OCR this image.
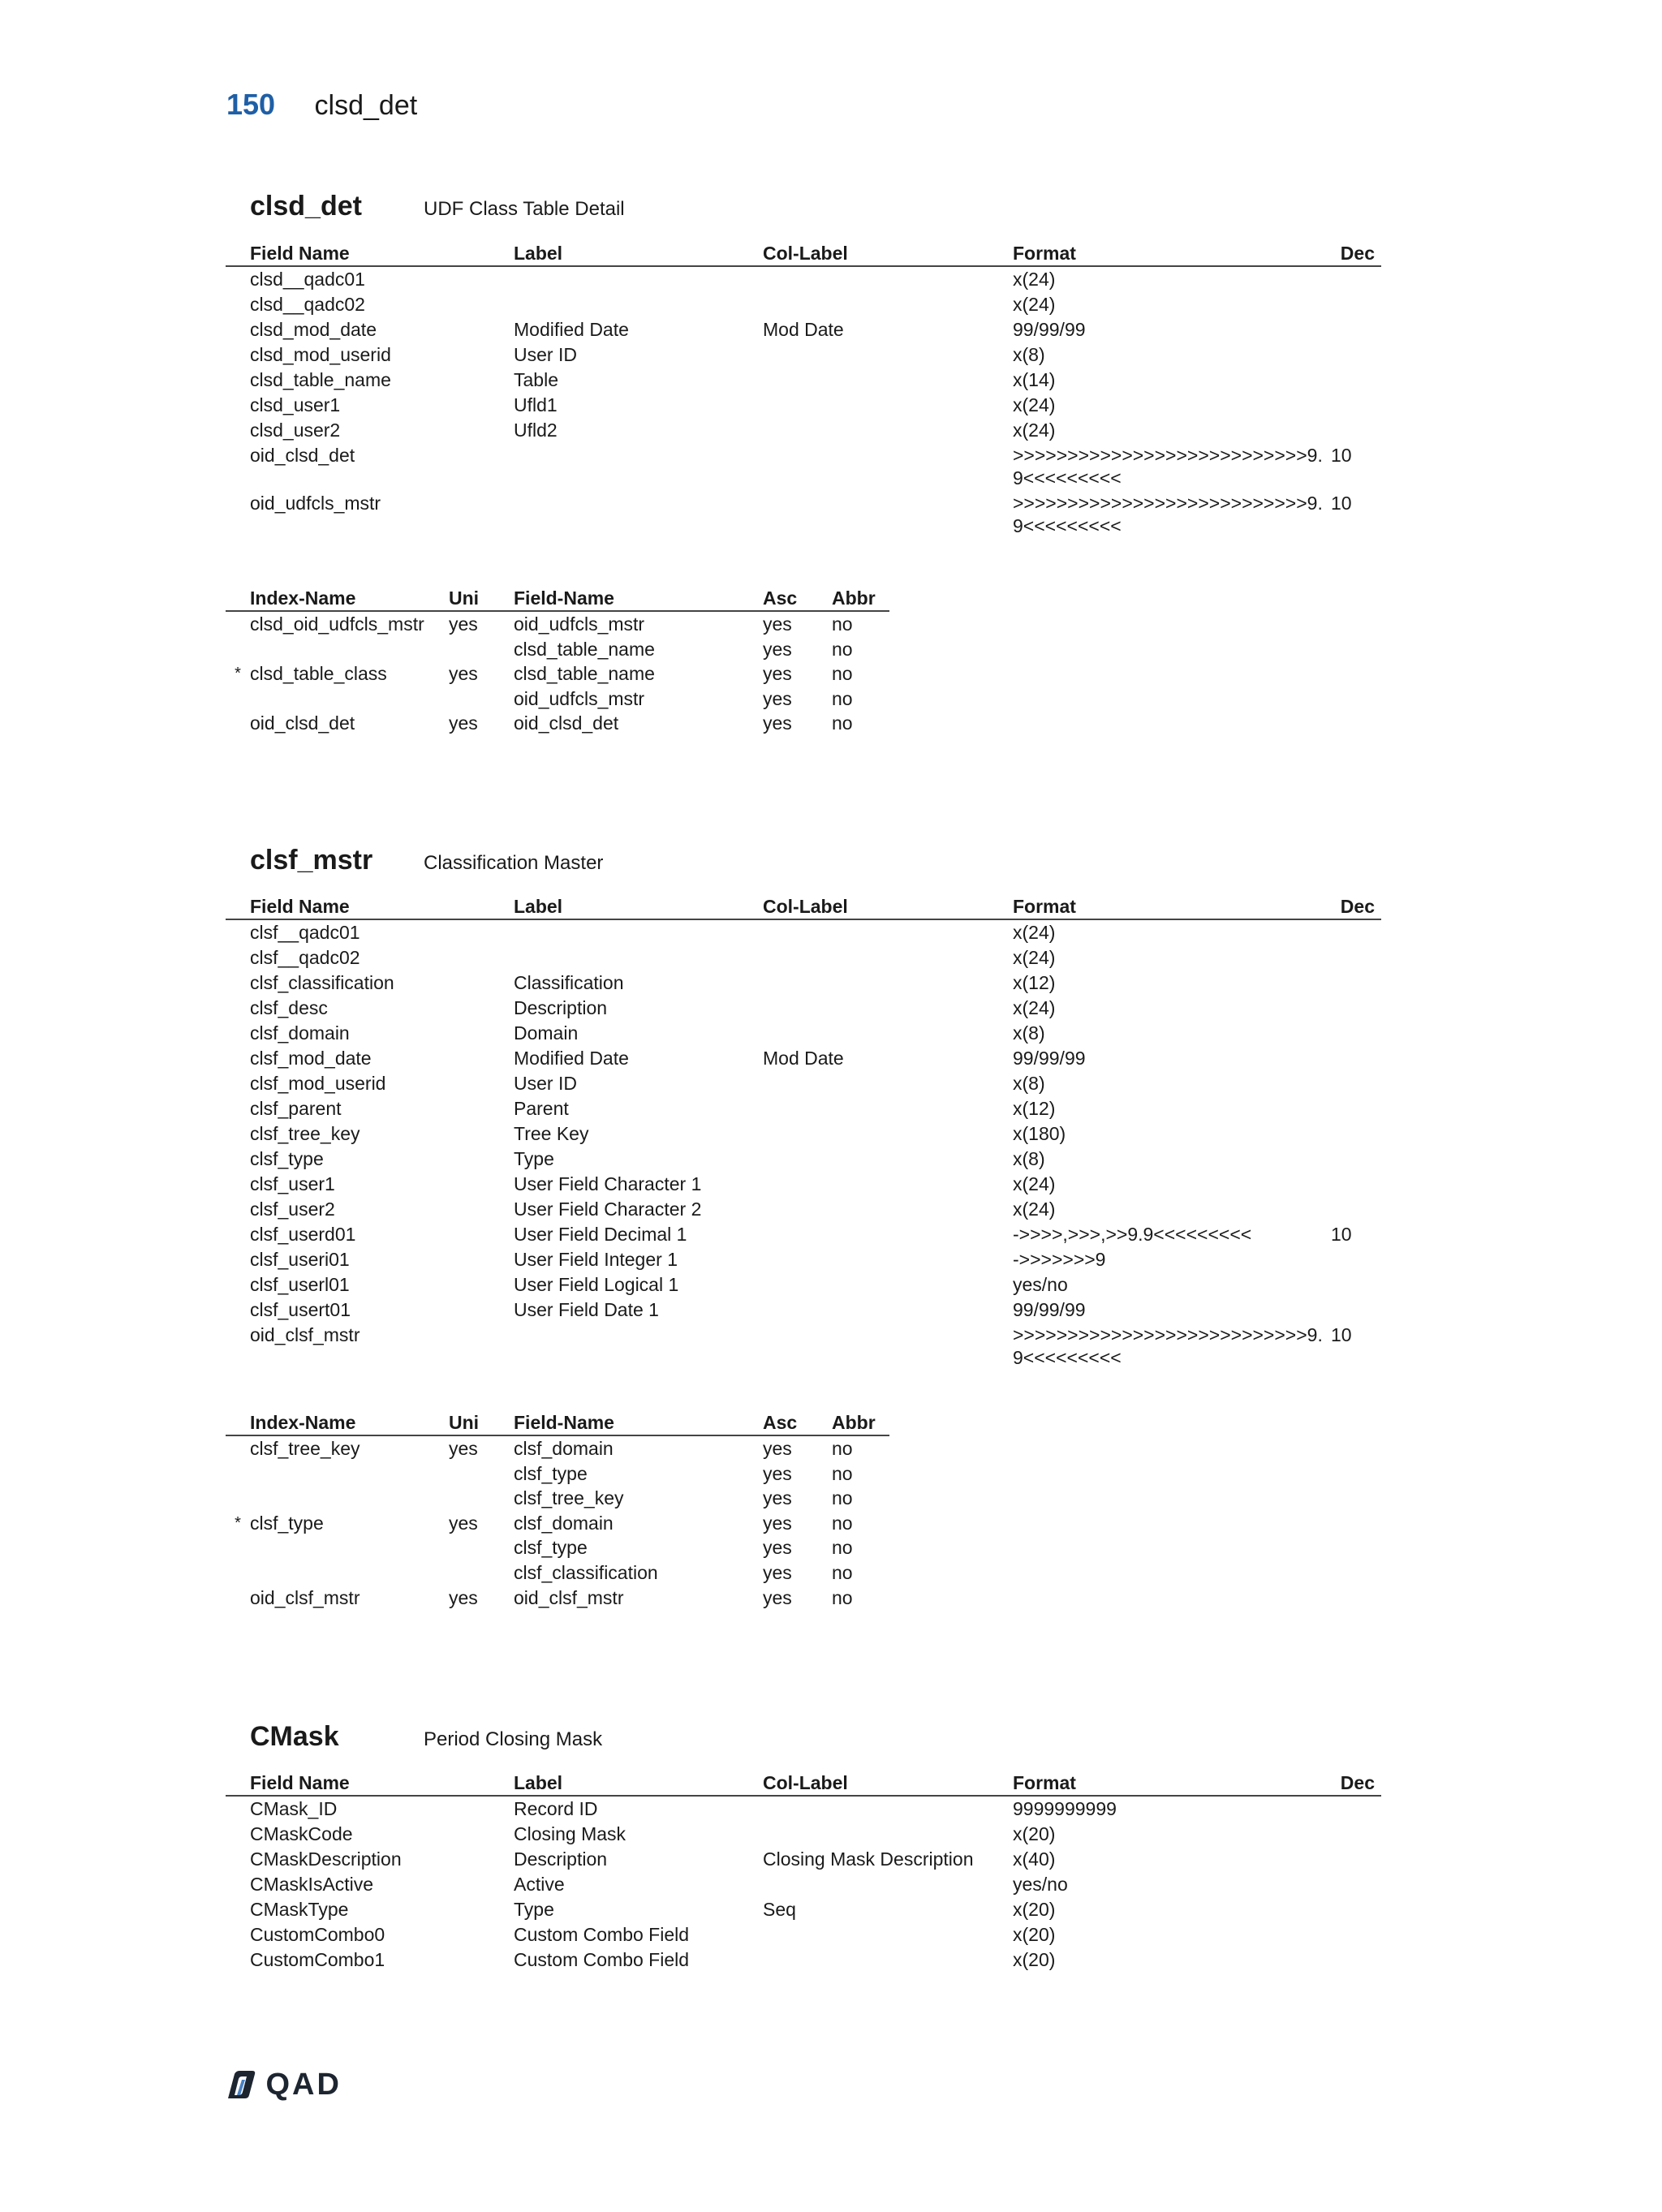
150 clsd_det
clsd_det	UDF Class Table Detail
	Field Name	Label	Col-Label	Format	Dec
	clsd__qadc01			x(24)	
	clsd__qadc02			x(24)	
	clsd_mod_date	Modified Date	Mod Date	99/99/99	
	clsd_mod_userid	User ID		x(8)	
	clsd_table_name	Table		x(14)	
	clsd_user1	Ufld1		x(24)	
	clsd_user2	Ufld2		x(24)	
	oid_clsd_det			>>>>>>>>>>>>>>>>>>>>>>>>>>>9.9<<<<<<<<<	10
	oid_udfcls_mstr			>>>>>>>>>>>>>>>>>>>>>>>>>>>9.9<<<<<<<<<	10
	Index-Name	Uni	Field-Name	Asc	Abbr
	clsd_oid_udfcls_mstr	yes	oid_udfcls_mstr	yes	no
			clsd_table_name	yes	no
*	clsd_table_class	yes	clsd_table_name	yes	no
			oid_udfcls_mstr	yes	no
	oid_clsd_det	yes	oid_clsd_det	yes	no
clsf_mstr	Classification Master
	Field Name	Label	Col-Label	Format	Dec
	clsf__qadc01			x(24)	
	clsf__qadc02			x(24)	
	clsf_classification	Classification		x(12)	
	clsf_desc	Description		x(24)	
	clsf_domain	Domain		x(8)	
	clsf_mod_date	Modified Date	Mod Date	99/99/99	
	clsf_mod_userid	User ID		x(8)	
	clsf_parent	Parent		x(12)	
	clsf_tree_key	Tree Key		x(180)	
	clsf_type	Type		x(8)	
	clsf_user1	User Field Character 1		x(24)	
	clsf_user2	User Field Character 2		x(24)	
	clsf_userd01	User Field Decimal 1		->>>>,>>>,>>9.9<<<<<<<<<	10
	clsf_useri01	User Field Integer 1		->>>>>>>9	
	clsf_userl01	User Field Logical 1		yes/no	
	clsf_usert01	User Field Date 1		99/99/99	
	oid_clsf_mstr			>>>>>>>>>>>>>>>>>>>>>>>>>>>9.9<<<<<<<<<	10
	Index-Name	Uni	Field-Name	Asc	Abbr
	clsf_tree_key	yes	clsf_domain	yes	no
			clsf_type	yes	no
			clsf_tree_key	yes	no
*	clsf_type	yes	clsf_domain	yes	no
			clsf_type	yes	no
			clsf_classification	yes	no
	oid_clsf_mstr	yes	oid_clsf_mstr	yes	no
CMask	Period Closing Mask
	Field Name	Label	Col-Label	Format	Dec
	CMask_ID	Record ID		9999999999	
	CMaskCode	Closing Mask		x(20)	
	CMaskDescription	Description	Closing Mask Description	x(40)	
	CMaskIsActive	Active		yes/no	
	CMaskType	Type	Seq	x(20)	
	CustomCombo0	Custom Combo Field		x(20)	
	CustomCombo1	Custom Combo Field		x(20)	
QAD
